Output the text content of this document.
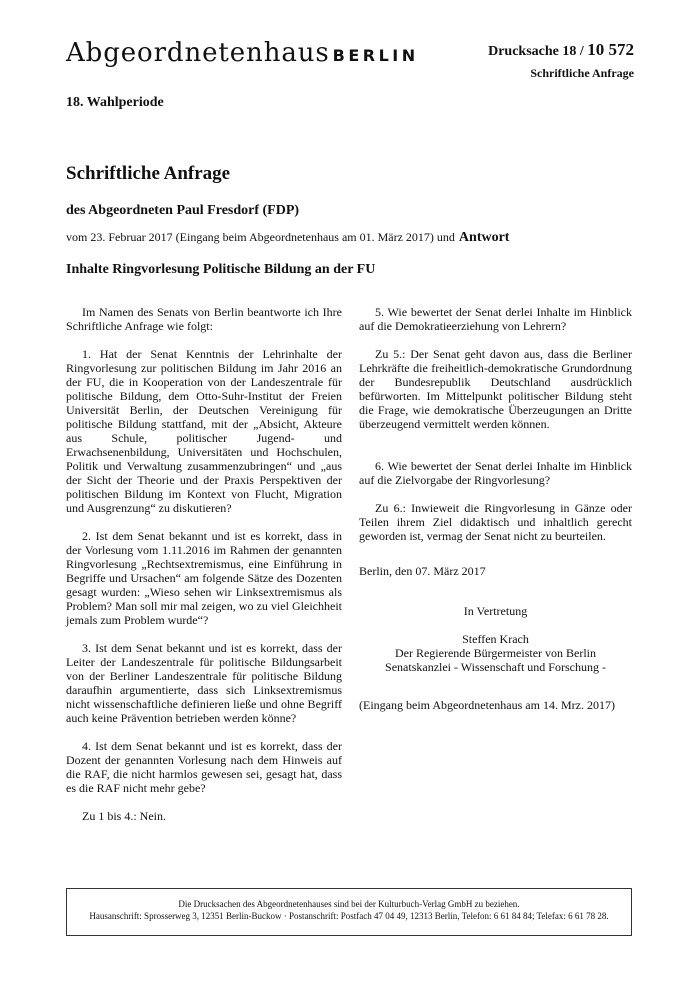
Abgeordnetenhaus BERLIN	Drucksache 18 / 10 572
Schriftliche Anfrage
18. Wahlperiode
Schriftliche Anfrage
des Abgeordneten Paul Fresdorf (FDP)
vom 23. Februar 2017 (Eingang beim Abgeordnetenhaus am 01. März 2017) und Antwort
Inhalte Ringvorlesung Politische Bildung an der FU

Im Namen des Senats von Berlin beantworte ich Ihre Schriftliche Anfrage wie folgt:

1. Hat der Senat Kenntnis der Lehrinhalte der Ringvorlesung zur politischen Bildung im Jahr 2016 an der FU, die in Kooperation von der Landeszentrale für politische Bildung, dem Otto-Suhr-Institut der Freien Universität Berlin, der Deutschen Vereinigung für politische Bildung stattfand, mit der „Absicht, Akteure aus Schule, politischer Jugend- und Erwachsenenbildung, Universitäten und Hochschulen, Politik und Verwaltung zusammenzubringen“ und „aus der Sicht der Theorie und der Praxis Perspektiven der politischen Bildung im Kontext von Flucht, Migration und Ausgrenzung“ zu diskutieren?

2. Ist dem Senat bekannt und ist es korrekt, dass in der Vorlesung vom 1.11.2016 im Rahmen der genannten Ringvorlesung „Rechtsextremismus, eine Einführung in Begriffe und Ursachen“ am folgende Sätze des Dozenten gesagt wurden: „Wieso sehen wir Linksextremismus als Problem? Man soll mir mal zeigen, wo zu viel Gleichheit jemals zum Problem wurde“?

3. Ist dem Senat bekannt und ist es korrekt, dass der Leiter der Landeszentrale für politische Bildungsarbeit von der Berliner Landeszentrale für politische Bildung daraufhin argumentierte, dass sich Linksextremismus nicht wissenschaftliche definieren ließe und ohne Begriff auch keine Prävention betrieben werden könne?

4. Ist dem Senat bekannt und ist es korrekt, dass der Dozent der genannten Vorlesung nach dem Hinweis auf die RAF, die nicht harmlos gewesen sei, gesagt hat, dass es die RAF nicht mehr gebe?

Zu 1 bis 4.: Nein.

5. Wie bewertet der Senat derlei Inhalte im Hinblick auf die Demokratieerziehung von Lehrern?

Zu 5.: Der Senat geht davon aus, dass die Berliner Lehrkräfte die freiheitlich-demokratische Grundordnung der Bundesrepublik Deutschland ausdrücklich befürworten. Im Mittelpunkt politischer Bildung steht die Frage, wie demokratische Überzeugungen an Dritte überzeugend vermittelt werden können.

6. Wie bewertet der Senat derlei Inhalte im Hinblick auf die Zielvorgabe der Ringvorlesung?

Zu 6.: Inwieweit die Ringvorlesung in Gänze oder Teilen ihrem Ziel didaktisch und inhaltlich gerecht geworden ist, vermag der Senat nicht zu beurteilen.

Berlin, den 07. März 2017
In Vertretung
Steffen Krach
Der Regierende Bürgermeister von Berlin
Senatskanzlei - Wissenschaft und Forschung -
(Eingang beim Abgeordnetenhaus am 14. Mrz. 2017)
Die Drucksachen des Abgeordnetenhauses sind bei der Kulturbuch-Verlag GmbH zu beziehen.
Hausanschrift: Sprosserweg 3, 12351 Berlin-Buckow · Postanschrift: Postfach 47 04 49, 12313 Berlin, Telefon: 6 61 84 84; Telefax: 6 61 78 28.
